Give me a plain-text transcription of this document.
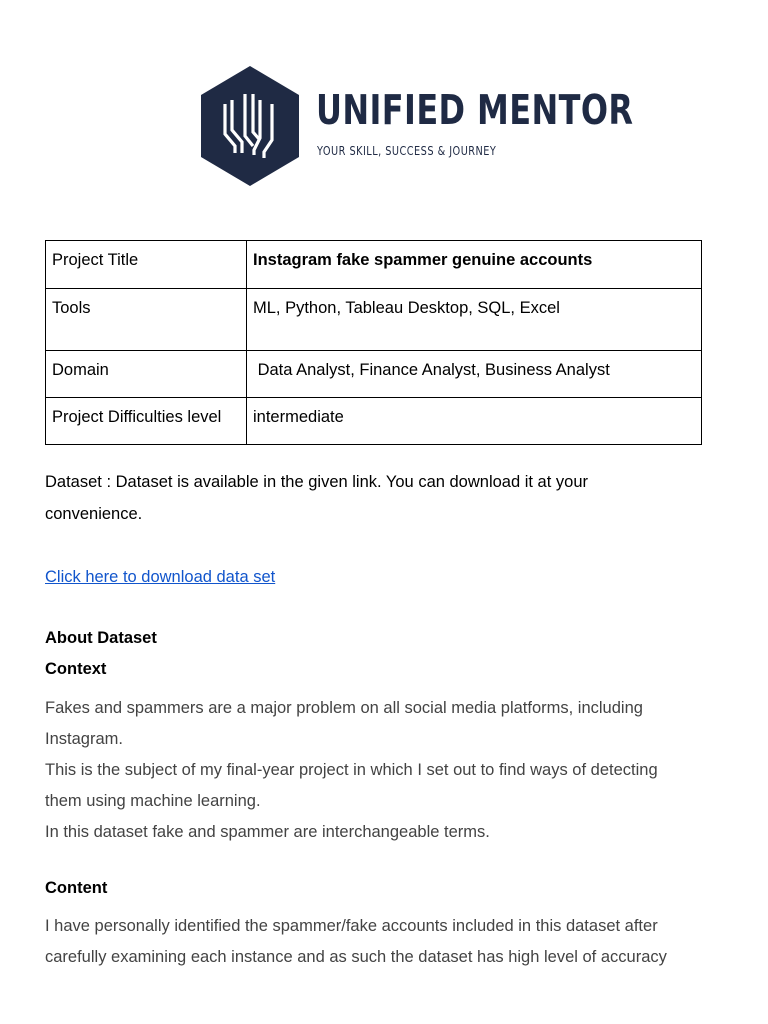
UNIFIED MENTOR
YOUR SKILL, SUCCESS & JOURNEY
Project Title	Instagram fake spammer genuine accounts
Tools	ML, Python, Tableau Desktop, SQL, Excel
Domain	Data Analyst, Finance Analyst, Business Analyst
Project Difficulties level	intermediate
Dataset : Dataset is available in the given link. You can download it at your
convenience.
Click here to download data set
About Dataset
Context
Fakes and spammers are a major problem on all social media platforms, including
Instagram.
This is the subject of my final-year project in which I set out to find ways of detecting
them using machine learning.
In this dataset fake and spammer are interchangeable terms.
Content
I have personally identified the spammer/fake accounts included in this dataset after
carefully examining each instance and as such the dataset has high level of accuracy
